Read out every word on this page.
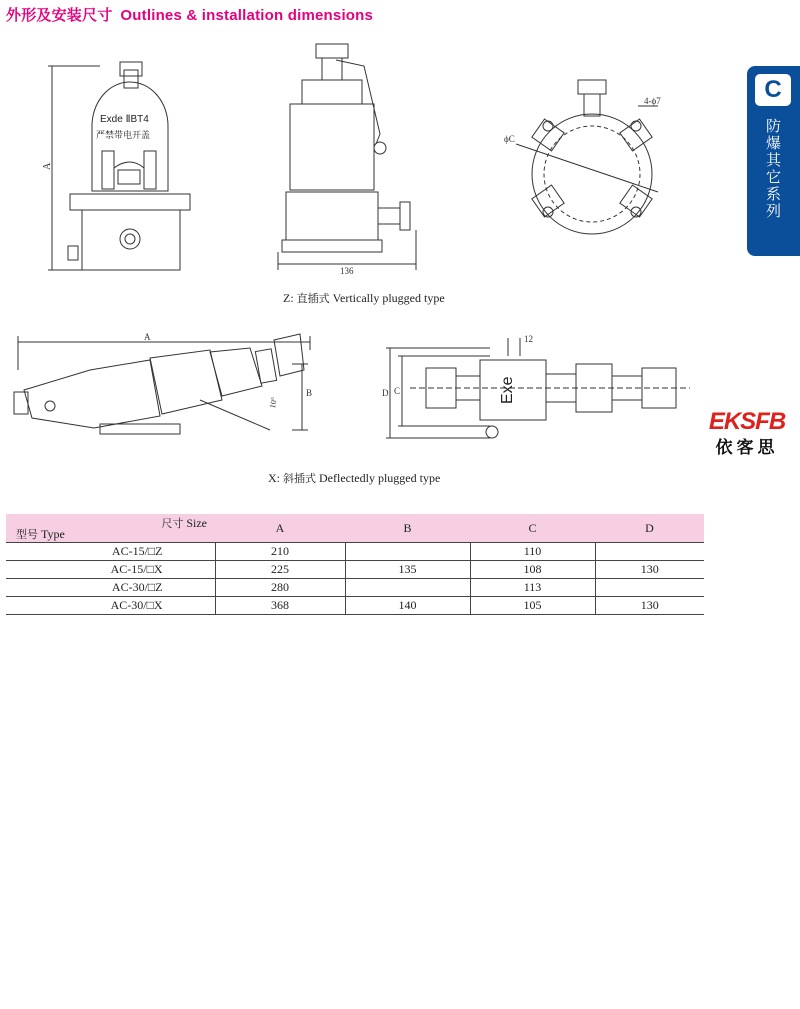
外形及安装尺寸 Outlines & installation dimensions
C
防
爆
其
它
系
列
EKSFB
依客思
A
Exde ⅡBT4
严禁带电开盖
136
ϕC
4-ϕ7
Z: 直插式 Vertically plugged type
A
B
10°
D C
12
Exe
X: 斜插式 Deflectedly plugged type
尺寸 Size
型号 Type	A	B	C	D
AC-15/□Z	210		110	
AC-15/□X	225	135	108	130
AC-30/□Z	280		113	
AC-30/□X	368	140	105	130
